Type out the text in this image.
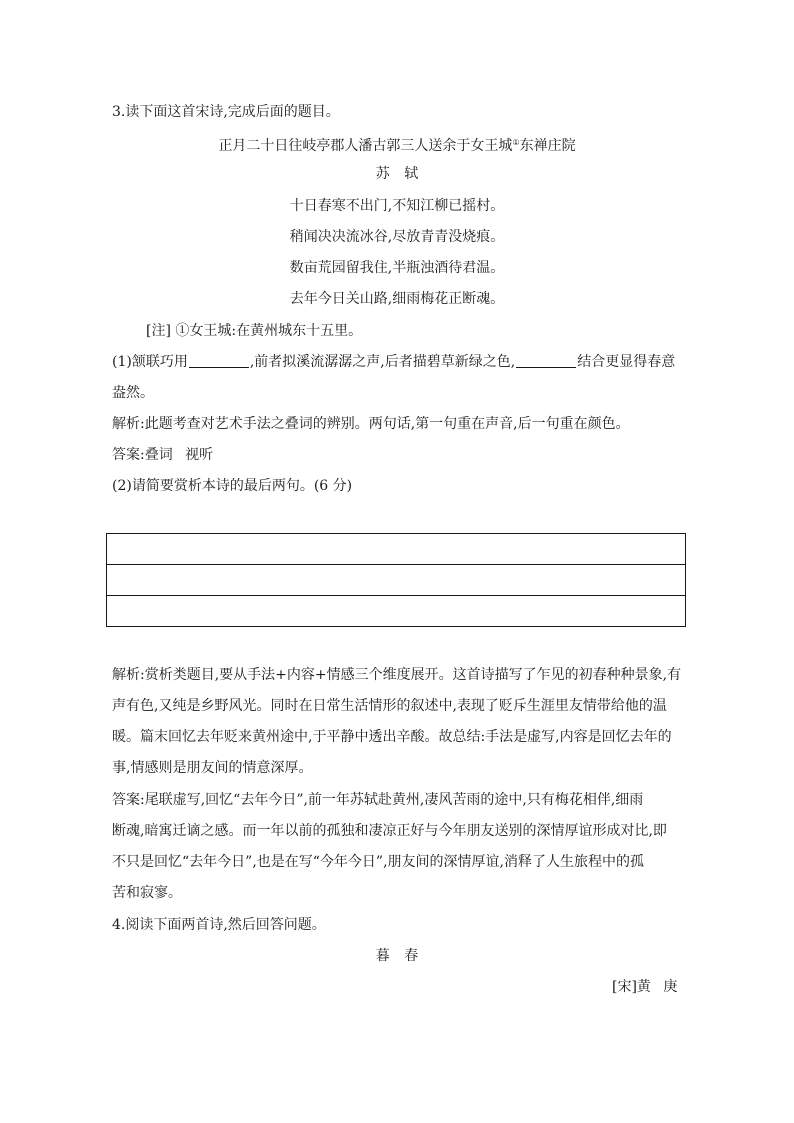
3.读下面这首宋诗,完成后面的题目。
正月二十日往岐亭郡人潘古郭三人送余于女王城①东禅庄院
苏 轼
十日春寒不出门,不知江柳已摇村。
稍闻决决流冰谷,尽放青青没烧痕。
数亩荒园留我住,半瓶浊酒待君温。
去年今日关山路,细雨梅花正断魂。
[注] ①女王城:在黄州城东十五里。
(1)颔联巧用	,前者拟溪流潺潺之声,后者描碧草新绿之色,	结合更显得春意
盎然。
解析:此题考查对艺术手法之叠词的辨别。两句话,第一句重在声音,后一句重在颜色。
答案:叠词 视听
(2)请简要赏析本诗的最后两句。(6 分)
解析:赏析类题目,要从手法+内容+情感三个维度展开。这首诗描写了乍见的初春种种景象,有
声有色,又纯是乡野风光。同时在日常生活情形的叙述中,表现了贬斥生涯里友情带给他的温
暖。篇末回忆去年贬来黄州途中,于平静中透出辛酸。故总结:手法是虚写,内容是回忆去年的
事,情感则是朋友间的情意深厚。
答案:尾联虚写,回忆“去年今日”,前一年苏轼赴黄州,凄风苦雨的途中,只有梅花相伴,细雨
断魂,暗寓迁谪之感。而一年以前的孤独和凄凉正好与今年朋友送别的深情厚谊形成对比,即
不只是回忆“去年今日”,也是在写“今年今日”,朋友间的深情厚谊,消释了人生旅程中的孤
苦和寂寥。
4.阅读下面两首诗,然后回答问题。
暮 春
[宋]黄 庚
